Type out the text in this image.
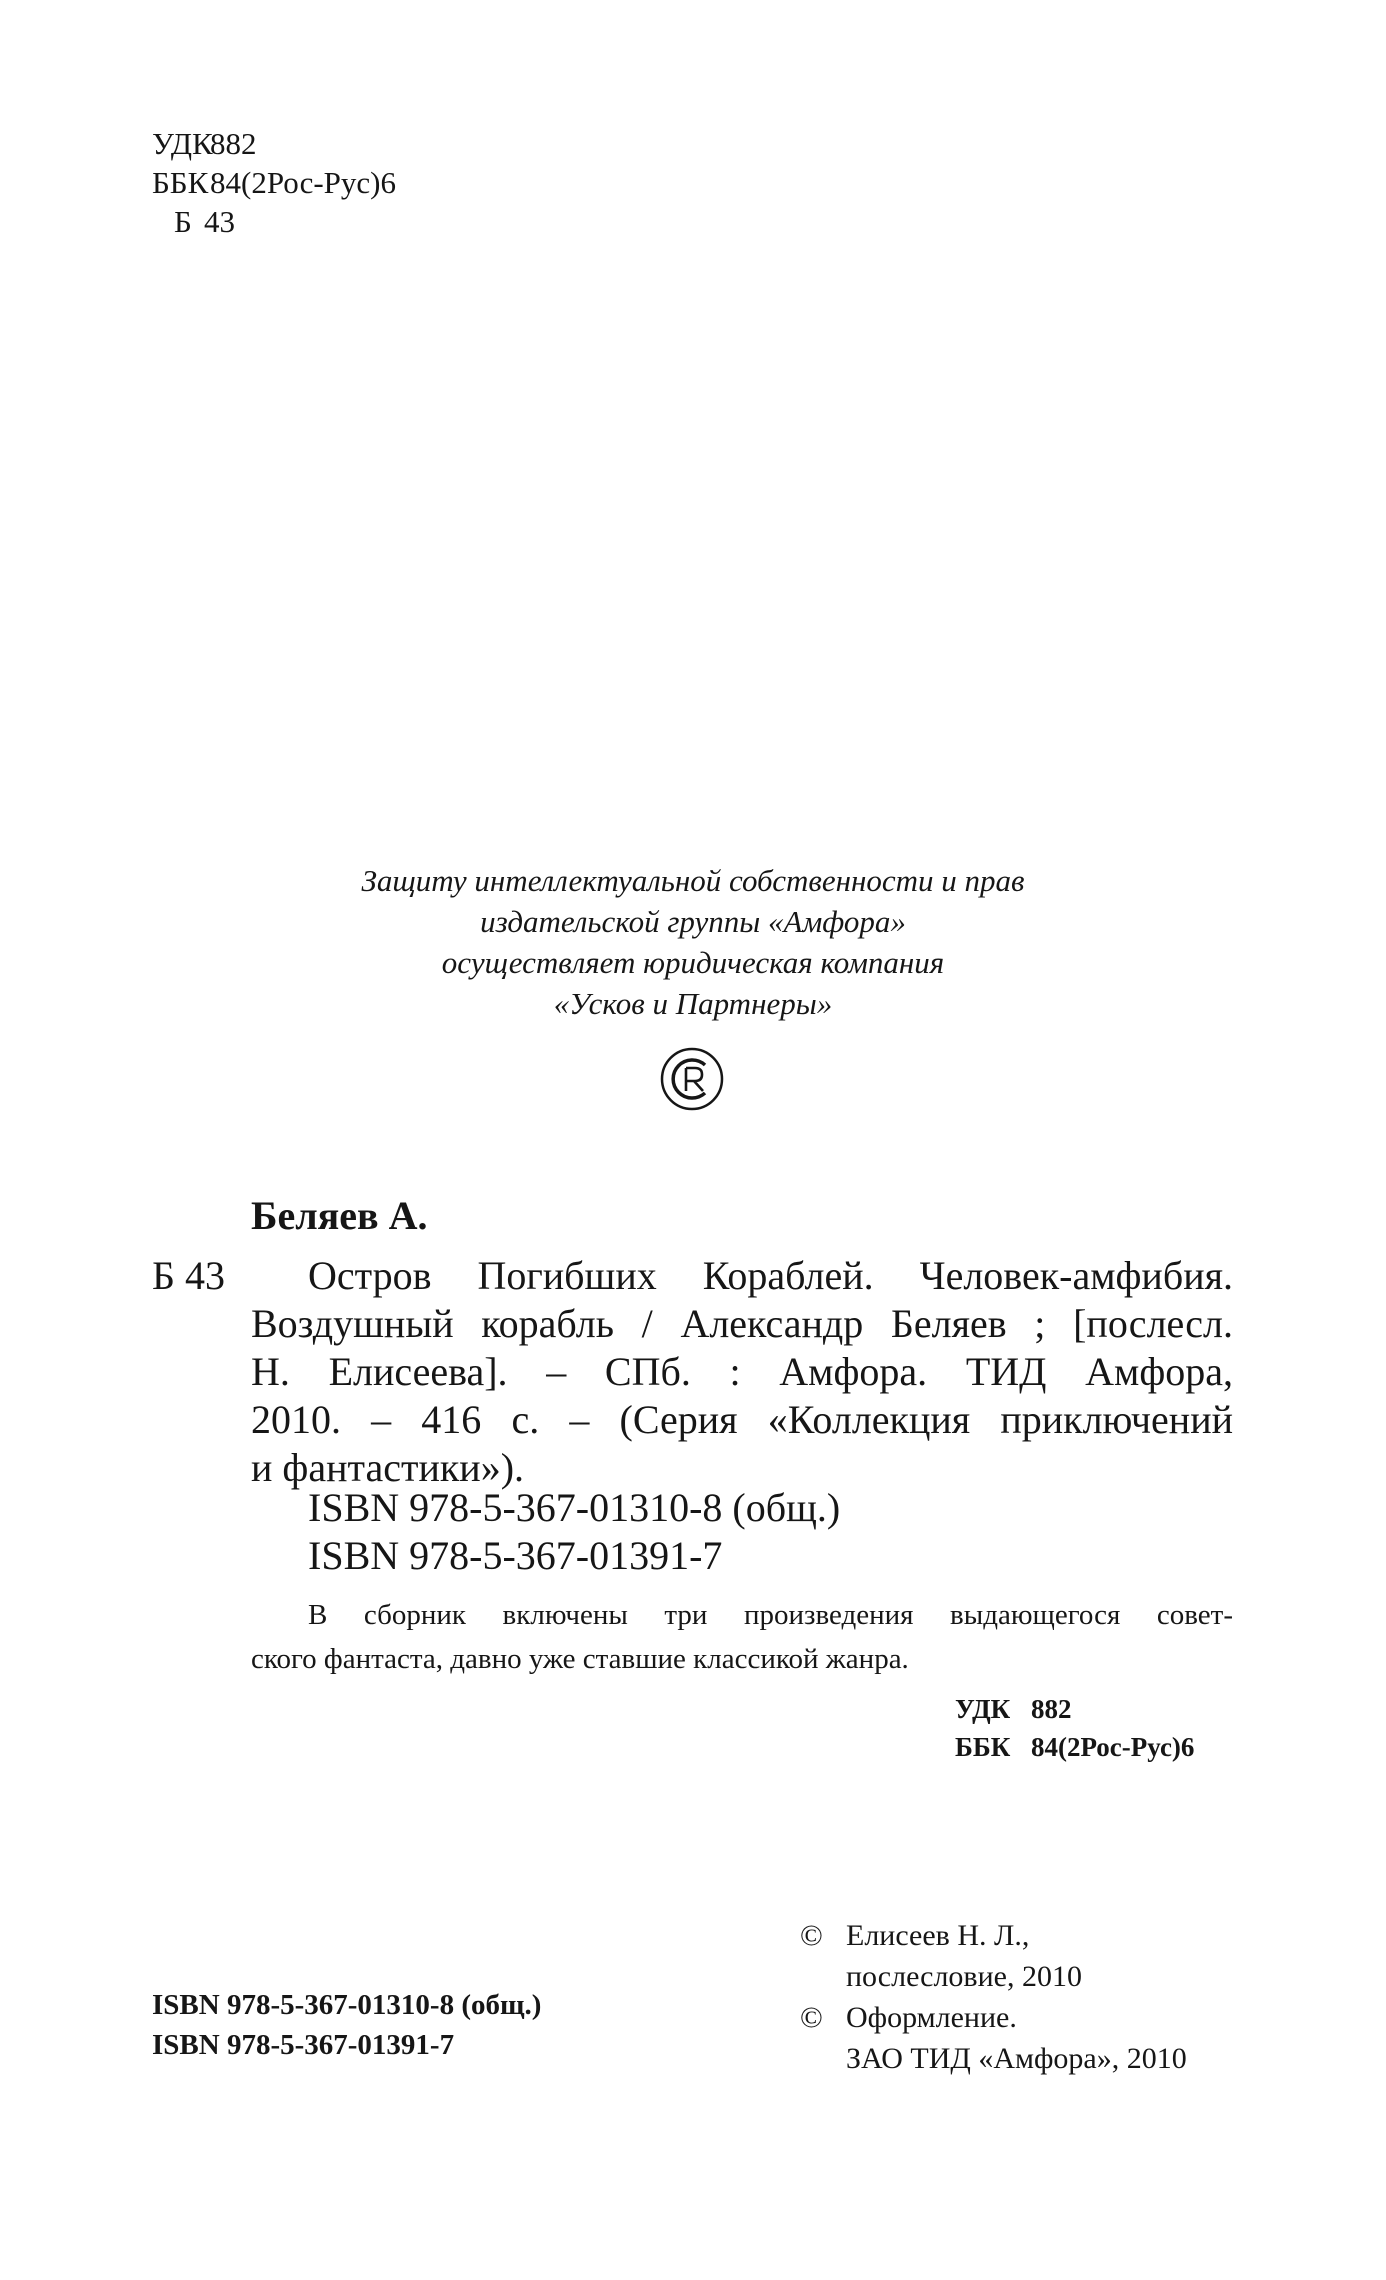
УДК882
ББК84(2Рос-Рус)6
Б 43
Защиту интеллектуальной собственности и прав
издательской группы «Амфора»
осуществляет юридическая компания
«Усков и Партнеры»
Беляев А.
Б 43	Остров Погибших Кораблей. Человек-амфибия.
Воздушный корабль / Александр Беляев ; [послесл.
Н. Елисеева]. – СПб. : Амфора. ТИД Амфора,
2010. – 416 с. – (Серия «Коллекция приключений
и фантастики»).
ISBN 978-5-367-01310-8 (общ.)
ISBN 978-5-367-01391-7
В сборник включены три произведения выдающегося совет-
ского фантаста, давно уже ставшие классикой жанра.
УДК 882
ББК 84(2Рос-Рус)6
ISBN 978-5-367-01310-8 (общ.)
ISBN 978-5-367-01391-7
© Елисеев Н. Л.,
послесловие, 2010
© Оформление.
ЗАО ТИД «Амфора», 2010
